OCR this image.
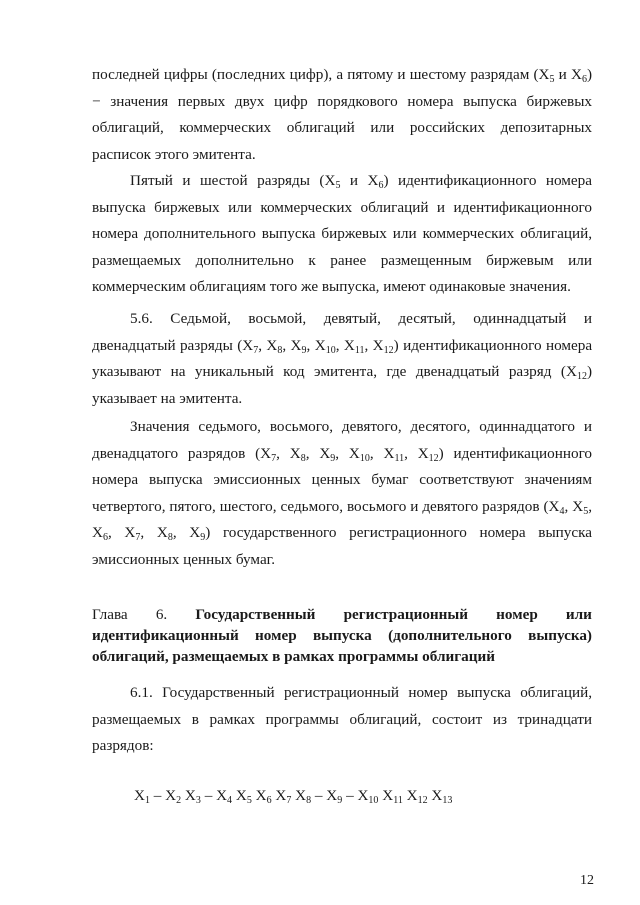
последней цифры (последних цифр), а пятому и шестому разрядам ($X_5$ и $X_6$) − значения первых двух цифр порядкового номера выпуска биржевых облигаций, коммерческих облигаций или российских депозитарных расписок этого эмитента.

Пятый и шестой разряды ($X_5$ и $X_6$) идентификационного номера выпуска биржевых или коммерческих облигаций и идентификационного номера дополнительного выпуска биржевых или коммерческих облигаций, размещаемых дополнительно к ранее размещенным биржевым или коммерческим облигациям того же выпуска, имеют одинаковые значения.

5.6. Седьмой, восьмой, девятый, десятый, одиннадцатый и двенадцатый разряды ($X_7$, $X_8$, $X_9$, $X_{10}$, $X_{11}$, $X_{12}$) идентификационного номера указывают на уникальный код эмитента, где двенадцатый разряд $(X_{12})$ указывает на эмитента.

Значения седьмого, восьмого, девятого, десятого, одиннадцатого и двенадцатого разрядов ($X_7$, $X_8$, $X_9$, $X_{10}$, $X_{11}$, $X_{12}$) идентификационного номера выпуска эмиссионных ценных бумаг соответствуют значениям четвертого, пятого, шестого, седьмого, восьмого и девятого разрядов ($X_4$, $X_5$, $X_6$, $X_7$, $X_8$, $X_9$) государственного регистрационного номера выпуска эмиссионных ценных бумаг.

Глава 6. Государственный регистрационный номер или
идентификационный номер выпуска (дополнительного выпуска)
облигаций, размещаемых в рамках программы облигаций

6.1. Государственный регистрационный номер выпуска облигаций, размещаемых в рамках программы облигаций, состоит из тринадцати разрядов:

$X_1 - X_2$ $X_3 - X_4$ $X_5$ $X_6$ $X_7$ $X_8 - X_9 - X_{10}$ $X_{11}$ $X_{12}$ $X_{13}$

12
